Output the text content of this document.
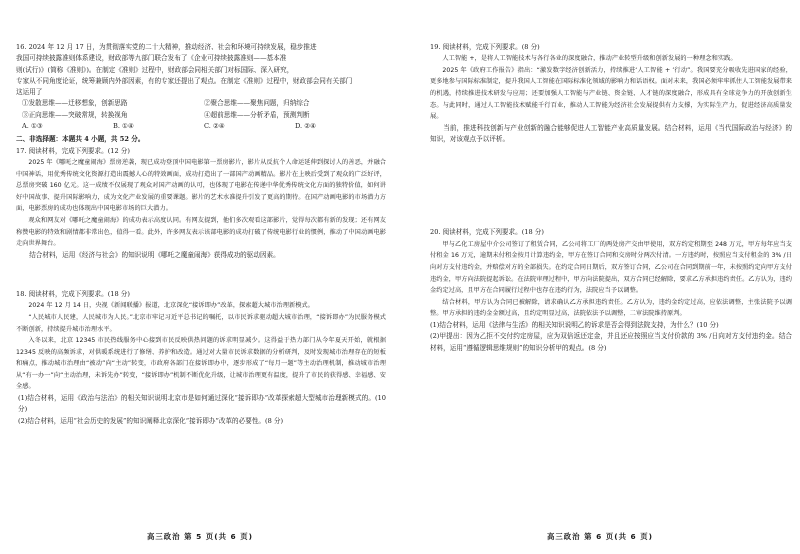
16. 2024 年 12 月 17 日，为贯彻落实党的二十大精神，推动经济、社会和环境可持续发展，稳步推进

我国可持续披露准则体系建设，财政部等九部门联合发布了《企业可持续披露准则——基本准

则(试行)》(简称《准则》)。在制定《准则》过程中，财政部会同相关部门对标国际、深入研究，

专家从不同角度论证，统筹兼顾内外部因素，有的专家还提出了观点。在制定《准则》过程中，财政部会同有关部门

这运用了

①发散思维——迁移想象，创新思路	②聚合思维——聚焦问题，归纳综合
③正向思维——突破常规，转换视角	④超前思维——分析矛盾，预测判断
A. ①③	B. ①④	C. ②④	D. ②④

二、非选择题：本题共 4 小题，共 52 分。

17. 阅读材料，完成下列要求。(12 分)

2025 年《哪吒之魔童闹海》票房逆袭，现已成功登顶中国电影第一票房影片，影片从反抗个人命运延伸到探讨人的善恶，并融合中国神话，用优秀传统文化资源打造出震撼人心的特效画面，成功打造出了一部国产动画精品。影片在上映后受到了观众的广泛好评，总票房突破 160 亿元。这一成绩不仅展现了观众对国产动画的认可，也体现了电影在传递中华优秀传统文化方面的独特价值，如何讲好中国故事、提升国际影响力，成为文化产业发展的重要课题。影片的艺术水准提升引发了更高的期待。在国产动画电影的市场潜力方面，电影票房的成功也体现出中国电影市场的巨大潜力。

观众和网友对《哪吒之魔童闹海》的成功表示高度认同。有网友提到，他们多次观看这部影片，觉得每次都有新的发现；还有网友称赞电影的特效和剧情都非常出色，值得一看。此外，许多网友表示该部电影的成功打破了传统电影行业的惯例，推动了中国动画电影走向世界舞台。

结合材料，运用《经济与社会》的知识说明《哪吒之魔童闹海》获得成功的驱动因素。

18. 阅读材料，完成下列要求。(18 分)

2024 年 12 月 14 日，央视《新闻联播》报道，北京深化“接诉即办”改革，探索超大城市治理新模式。

“人民城市人民建，人民城市为人民。”北京市牢记习近平总书记的嘱托，以市民诉求驱动超大城市治理，“接诉即办”为民服务模式不断创新，持续提升城市治理水平。

入冬以来，北京 12345 市民热线服务中心接到市民反映供热问题的诉求明显减少。这得益于热力部门从今年夏天开始，就根据 12345 反映的高频诉求，对供暖系统进行了修缮、养护和改造。通过对大量市民诉求数据的分析研判，及时发现城市治理存在的短板和痛点，推动城市治理由“被动”向“主动”转变，市政府各部门在接诉即办中，逐步形成了“每月一题”等主动治理机制，推动城市治理从“有一办一”向“主动治理，未诉先办”转变，“接诉即办”机制不断优化升级，让城市治理更有温度，提升了市民的获得感、幸福感、安全感。

(1)结合材料，运用《政治与法治》的相关知识说明北京市是如何通过深化“接诉即办”改革探索超大型城市治理新模式的。(10 分)

(2)结合材料，运用“社会历史的发展”的知识阐释北京深化“接诉即办”改革的必要性。(8 分)

高三政治 第 5 页(共 6 页)

19. 阅读材料，完成下列要求。(8 分)

人工智能 +，是将人工智能技术与各行各业的深度融合，推动产业转型升级和创新发展的一种理念和实践。

2025 年《政府工作报告》指出：“激发数字经济创新活力，持续推进‘人工智能 + ’行动”。我国要充分吸收先进国家的经验，更多地参与国际标准制定，提升我国人工智能在国际标准化领域的影响力和话语权。面对未来，我国必须牢牢抓住人工智能发展带来的机遇，持续推进技术研发与应用；还要加强人工智能与产业链、资金链、人才链的深度融合，形成具有全球竞争力的开放创新生态。与此同时，通过人工智能技术赋能千行百业，推动人工智能为经济社会发展提供有力支撑，为实际生产力，促进经济高质量发展。

当前，推进科技创新与产业创新的融合能够促进人工智能产业高质量发展。结合材料，运用《当代国际政治与经济》的知识，对该观点予以评析。

20. 阅读材料，完成下列要求。(18 分)

甲与乙化工房屋中介公司签订了租赁合同，乙公司将工厂的两处房产交由甲使用，双方约定租期至 248 万元，甲方每年应当支付租金 16 万元，逾期未付租金按月计算违约金，甲方在签订合同和交房时分两次付清。一方违约时，按照应当支付租金的 3% /日向对方支付违约金，并赔偿对方的全部损失。在约定合同日期后，双方签订合同，乙公司在合同到期前一年，未按照约定向甲方支付违约金，甲方向法院提起诉讼。在法院审理过程中，甲方向法院提出，双方合同已经解除，要求乙方承担违约责任。乙方认为，违约金约定过高，且甲方在合同履行过程中也存在违约行为，法院应当予以调整。

结合材料，甲方认为合同已被解除，请求确认乙方承担违约责任。乙方认为，违约金约定过高，应依法调整，主张法院予以调整。甲方承担的违约金金额过高，且约定明显过高，法院依法予以调整，二审法院维持原判。

(1)结合材料，运用《法律与生活》的相关知识说明乙的诉求是否会得到法院支持，为什么？(10 分)

(2)甲提出：因为乙拒不交付约定房屋，应为双倍返还定金，并且还应按照应当支付价款的 3% /日向对方支付违约金。结合材料，运用“遵循逻辑思维规则”的知识分析甲的观点。(8 分)

高三政治 第 6 页(共 6 页)
